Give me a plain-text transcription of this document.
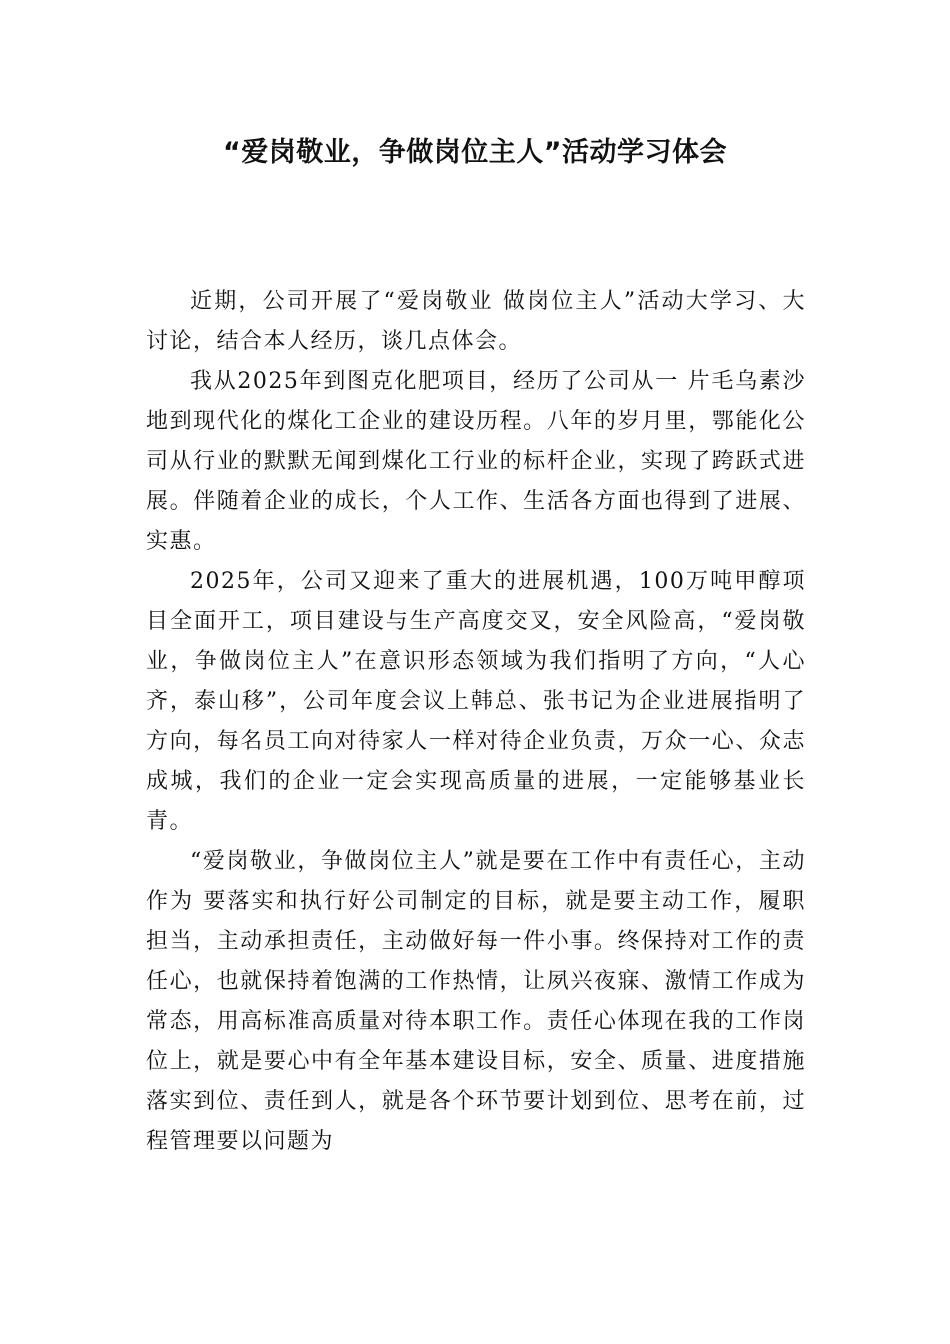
“爱岗敬业，争做岗位主人”活动学习体会

近期，公司开展了“爱岗敬业 做岗位主人”活动大学习、大讨论，结合本人经历，谈几点体会。

我从2025年到图克化肥项目，经历了公司从一 片毛乌素沙地到现代化的煤化工企业的建设历程。八年的岁月里，鄂能化公司从行业的默默无闻到煤化工行业的标杆企业，实现了跨跃式进展。伴随着企业的成长，个人工作、生活各方面也得到了进展、实惠。

2025年，公司又迎来了重大的进展机遇，100万吨甲醇项目全面开工，项目建设与生产高度交叉，安全风险高，“爱岗敬业，争做岗位主人”在意识形态领域为我们指明了方向，“人心齐，泰山移”，公司年度会议上韩总、张书记为企业进展指明了方向，每名员工向对待家人一样对待企业负责，万众一心、众志成城，我们的企业一定会实现高质量的进展，一定能够基业长青。

“爱岗敬业，争做岗位主人”就是要在工作中有责任心，主动作为 要落实和执行好公司制定的目标，就是要主动工作，履职担当，主动承担责任，主动做好每一件小事。终保持对工作的责任心，也就保持着饱满的工作热情，让夙兴夜寐、激情工作成为常态，用高标准高质量对待本职工作。责任心体现在我的工作岗位上，就是要心中有全年基本建设目标，安全、质量、进度措施落实到位、责任到人，就是各个环节要计划到位、思考在前，过程管理要以问题为
